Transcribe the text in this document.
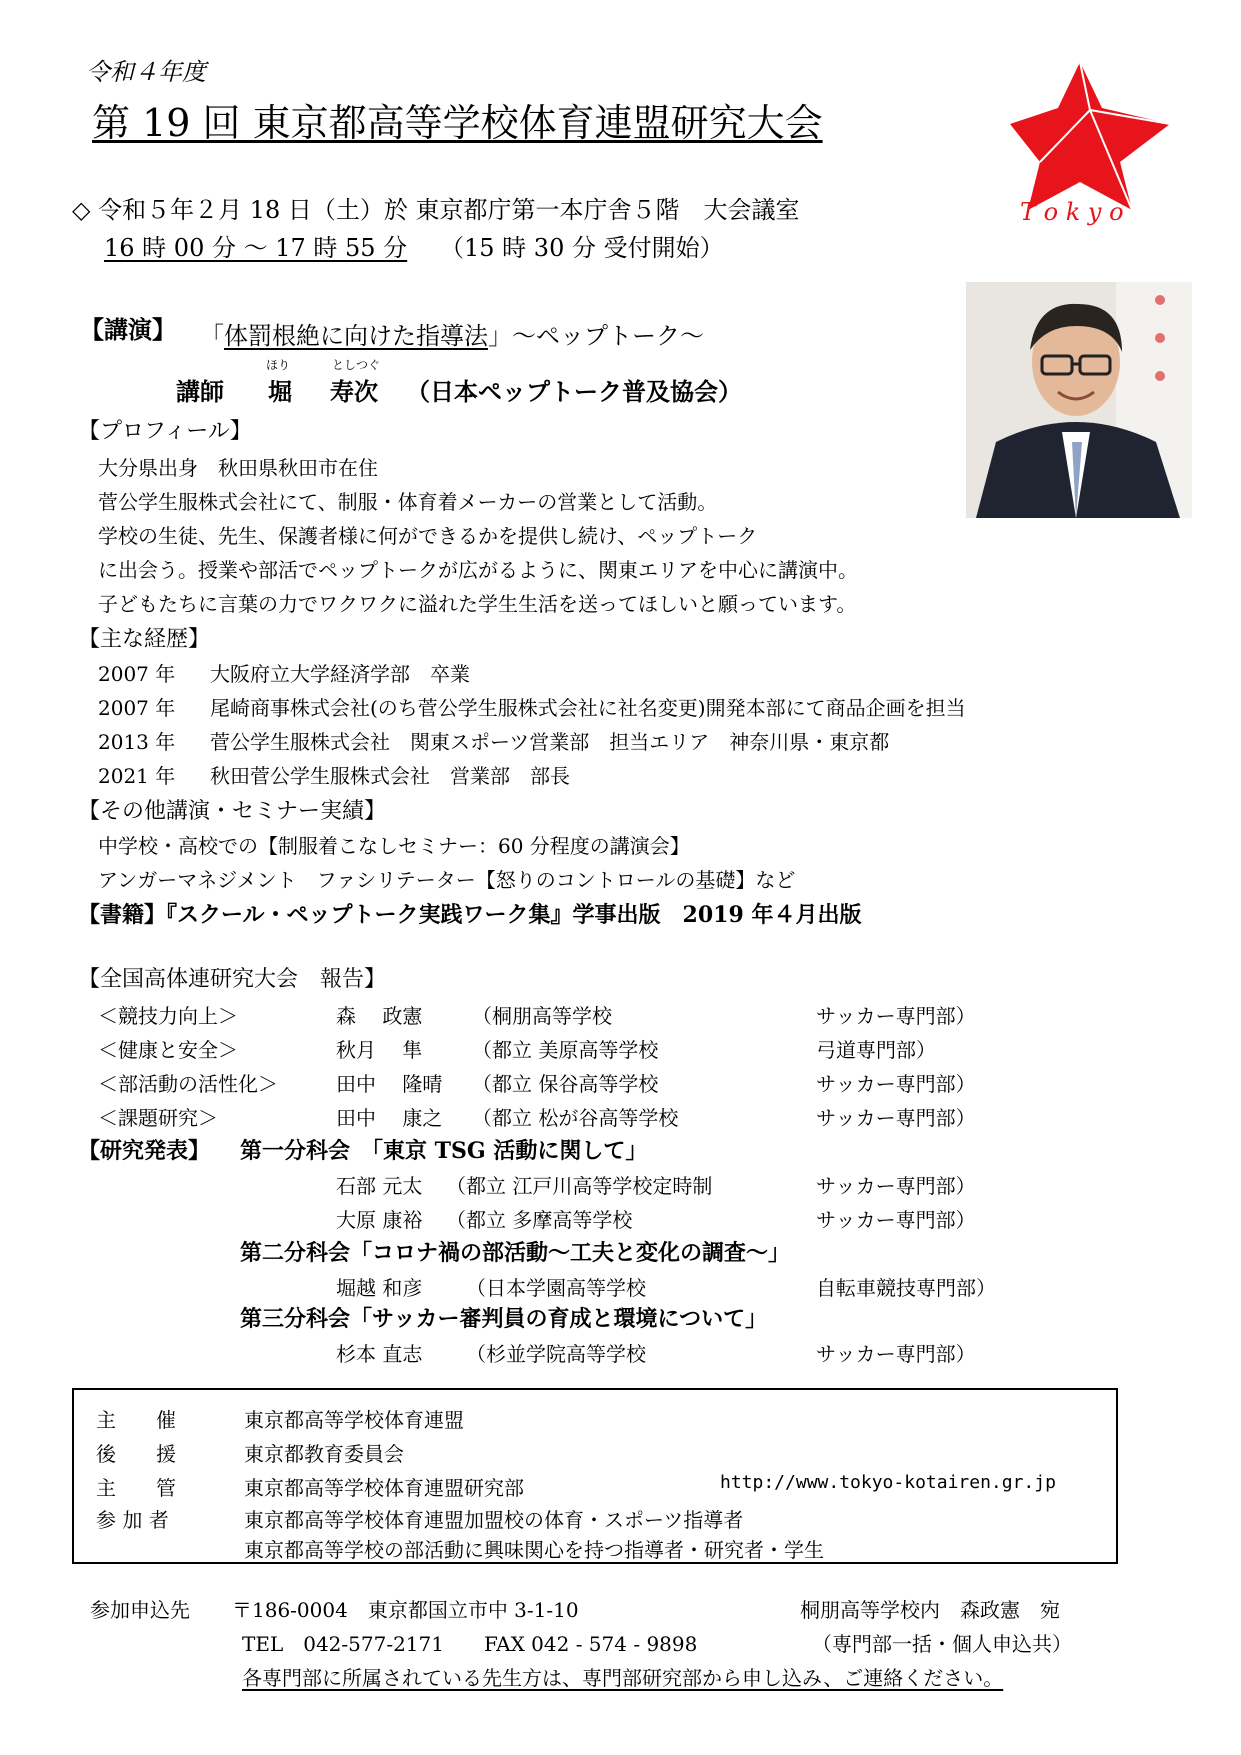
令和４年度
第 19 回 東京都高等学校体育連盟研究大会
T o k y o
◇ 令和５年２月 18 日（土）於 東京都庁第一本庁舎５階　大会議室
16 時 00 分 〜 17 時 55 分 （15 時 30 分 受付開始）
【講演】 「体罰根絶に向けた指導法」〜ペップトーク〜
講師
ほり
堀
としつぐ
寿次 （日本ペップトーク普及協会）
【プロフィール】
大分県出身　秋田県秋田市在住
菅公学生服株式会社にて、制服・体育着メーカーの営業として活動。
学校の生徒、先生、保護者様に何ができるかを提供し続け、ペップトーク
に出会う。授業や部活でペップトークが広がるように、関東エリアを中心に講演中。
子どもたちに言葉の力でワクワクに溢れた学生生活を送ってほしいと願っています。
【主な経歴】
2007 年 大阪府立大学経済学部　卒業
2007 年 尾崎商事株式会社(のち菅公学生服株式会社に社名変更)開発本部にて商品企画を担当
2013 年 菅公学生服株式会社　関東スポーツ営業部　担当エリア　神奈川県・東京都
2021 年 秋田菅公学生服株式会社　営業部　部長
【その他講演・セミナー実績】
中学校・高校での【制服着こなしセミナー：60 分程度の講演会】
アンガーマネジメント　ファシリテーター【怒りのコントロールの基礎】など
【書籍】『スクール・ペップトーク実践ワーク集』学事出版　2019 年４月出版
【全国高体連研究大会　報告】
＜競技力向上＞	森　 政憲 （桐朋高等学校	サッカー専門部）
＜健康と安全＞	秋月　 隼 （都立 美原高等学校	弓道専門部）
＜部活動の活性化＞	田中　 隆晴 （都立 保谷高等学校	サッカー専門部）
＜課題研究＞	田中　 康之 （都立 松が谷高等学校	サッカー専門部）
【研究発表】 第一分科会　「東京 TSG 活動に関して」
石部 元太 （都立 江戸川高等学校定時制	サッカー専門部）
大原 康裕 （都立 多摩高等学校	サッカー専門部）
第二分科会「コロナ禍の部活動〜工夫と変化の調査〜」
堀越 和彦 （日本学園高等学校	自転車競技専門部）
第三分科会「サッカー審判員の育成と環境について」
杉本 直志 （杉並学院高等学校	サッカー専門部）
主　　催	東京都高等学校体育連盟
後　　援	東京都教育委員会
主　　管	東京都高等学校体育連盟研究部	http://www.tokyo-kotairen.gr.jp
参 加 者	東京都高等学校体育連盟加盟校の体育・スポーツ指導者
東京都高等学校の部活動に興味関心を持つ指導者・研究者・学生
参加申込先 〒186-0004　東京都国立市中 3-1-10	桐朋高等学校内　森政憲　宛
TEL　042-577-2171　　FAX 042 - 574 - 9898	（専門部一括・個人申込共）
各専門部に所属されている先生方は、専門部研究部から申し込み、ご連絡ください。
